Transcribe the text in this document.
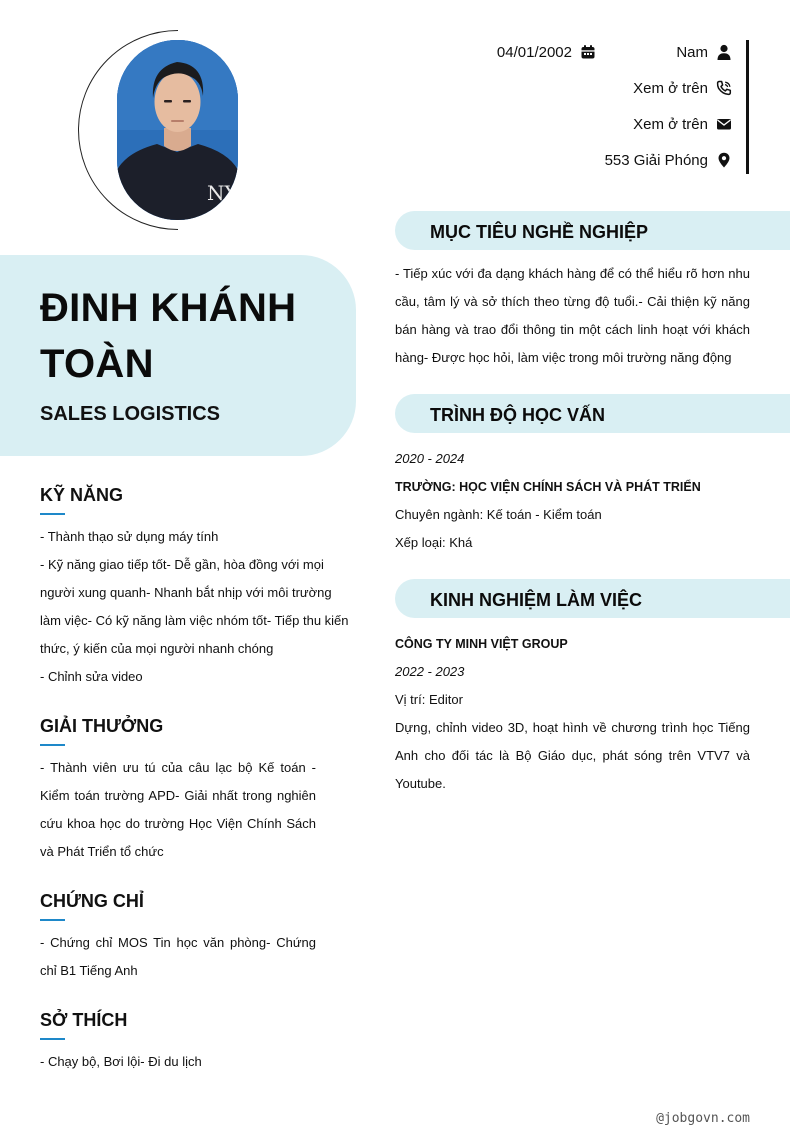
NY
ĐINH KHÁNH TOÀN
SALES LOGISTICS
04/01/2002	Nam
Xem ở trên
Xem ở trên
553 Giải Phóng
KỸ NĂNG

- Thành thạo sử dụng máy tính

- Kỹ năng giao tiếp tốt- Dễ gần, hòa đồng với mọi người xung quanh- Nhanh bắt nhịp với môi trường làm việc- Có kỹ năng làm việc nhóm tốt- Tiếp thu kiến thức, ý kiến của mọi người nhanh chóng

- Chỉnh sửa video

GIẢI THƯỞNG
- Thành viên ưu tú của câu lạc bộ Kế toán - Kiểm toán trường APD- Giải nhất trong nghiên cứu khoa học do trường Học Viện Chính Sách và Phát Triển tổ chức
CHỨNG CHỈ
- Chứng chỉ MOS Tin học văn phòng- Chứng chỉ B1 Tiếng Anh
SỞ THÍCH
- Chạy bộ, Bơi lội- Đi du lịch
MỤC TIÊU NGHỀ NGHIỆP
- Tiếp xúc với đa dạng khách hàng để có thể hiểu rõ hơn nhu cầu, tâm lý và sở thích theo từng độ tuổi.- Cải thiện kỹ năng bán hàng và trao đổi thông tin một cách linh hoạt với khách hàng- Được học hỏi, làm việc trong môi trường năng động
TRÌNH ĐỘ HỌC VẤN
2020 - 2024
TRƯỜNG: HỌC VIỆN CHÍNH SÁCH VÀ PHÁT TRIỂN
Chuyên ngành: Kế toán - Kiểm toán
Xếp loại: Khá
KINH NGHIỆM LÀM VIỆC
CÔNG TY MINH VIỆT GROUP
2022 - 2023
Vị trí: Editor
Dựng, chỉnh video 3D, hoạt hình về chương trình học Tiếng Anh cho đối tác là Bộ Giáo dục, phát sóng trên VTV7 và Youtube.
@jobgovn.com
